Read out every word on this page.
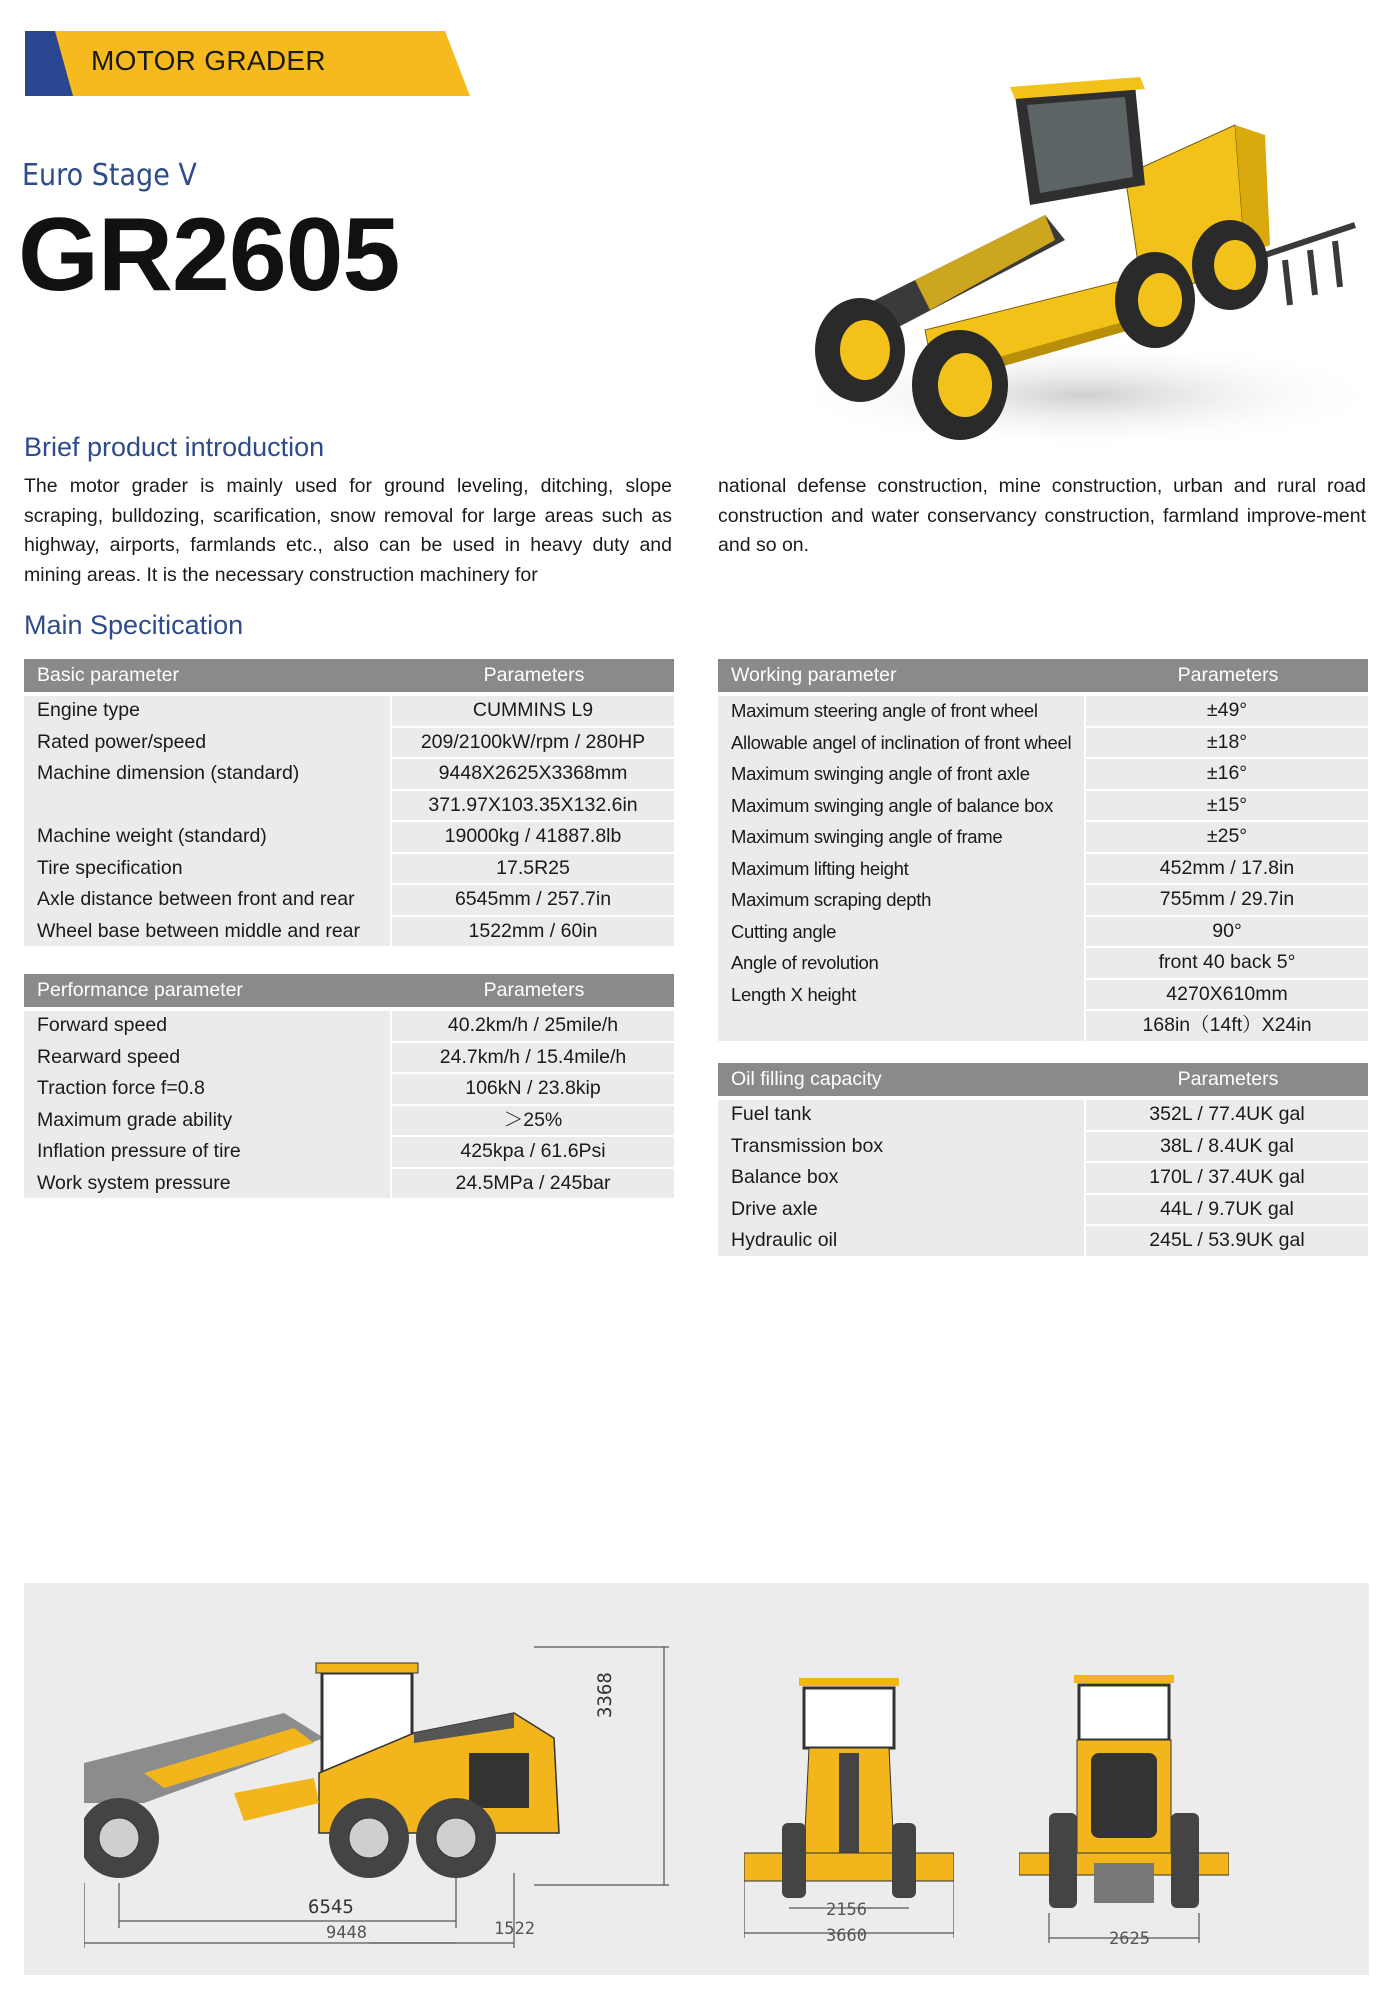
MOTOR GRADER
Euro Stage V
GR2605
Brief product introduction
The motor grader is mainly used for ground leveling, ditching, slope scraping, bulldozing, scarification, snow removal for large areas such as highway, airports, farmlands etc., also can be used in heavy duty and mining areas. It is the necessary construction machinery for
national defense construction, mine construction, urban and rural road construction and water conservancy construction, farmland improve-ment and so on.
Main Specitication
Basic parameter	Parameters
Engine type	CUMMINS L9
Rated power/speed	209/2100kW/rpm / 280HP
Machine dimension (standard)	9448X2625X3368mm
371.97X103.35X132.6in
Machine weight (standard)	19000kg / 41887.8lb
Tire specification	17.5R25
Axle distance between front and rear	6545mm / 257.7in
Wheel base between middle and rear	1522mm / 60in
Performance parameter	Parameters
Forward speed	40.2km/h / 25mile/h
Rearward speed	24.7km/h / 15.4mile/h
Traction force f=0.8	106kN / 23.8kip
Maximum grade ability	＞25%
Inflation pressure of tire	425kpa / 61.6Psi
Work system pressure	24.5MPa / 245bar
Working parameter	Parameters
Maximum steering angle of front wheel	±49°
Allowable angel of inclination of front wheel	±18°
Maximum swinging angle of front axle	±16°
Maximum swinging angle of balance box	±15°
Maximum swinging angle of frame	±25°
Maximum lifting height	452mm / 17.8in
Maximum scraping depth	755mm / 29.7in
Cutting angle	90°
Angle of revolution	front 40 back 5°
Length X height	4270X610mm
168in（14ft）X24in
Oil filling capacity	Parameters
Fuel tank	352L / 77.4UK gal
Transmission box	38L / 8.4UK gal
Balance box	170L / 37.4UK gal
Drive axle	44L / 9.7UK gal
Hydraulic oil	245L / 53.9UK gal
3368
6545
9448	1522
2156
3660	2625
